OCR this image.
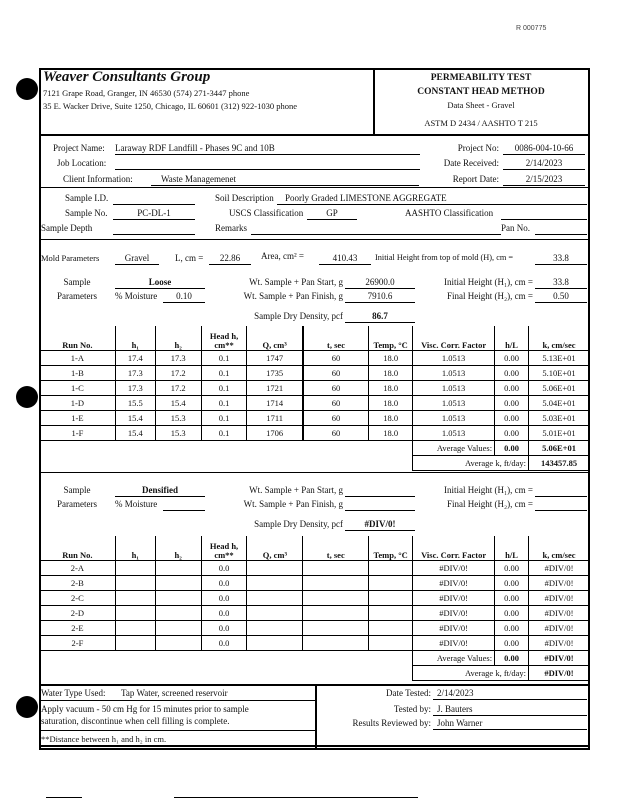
R 000775
Weaver Consultants Group
7121 Grape Road, Granger, IN 46530 (574) 271-3447 phone
35 E. Wacker Drive, Suite 1250, Chicago, IL 60601 (312) 922-1030 phone
PERMEABILITY TEST
CONSTANT HEAD METHOD
Data Sheet - Gravel
ASTM D 2434 / AASHTO T 215
Project Name: Laraway RDF Landfill - Phases 9C and 10B	Project No:	0086-004-10-66
Job Location:	Date Received:	2/14/2023
Client Information:	Waste Managemenet	Report Date:	2/15/2023
Sample I.D.	Soil Description	Poorly Graded LIMESTONE AGGREGATE
Sample No.	PC-DL-1	USCS Classification	GP	AASHTO Classification
Sample Depth	Remarks	Pan No.
Mold Parameters	Gravel	L, cm =	22.86	Area, cm² =	410.43	Initial Height from top of mold (H), cm =	33.8
Sample	Loose
Parameters	% Moisture	0.10
Wt. Sample + Pan Start, g	26900.0
Wt. Sample + Pan Finish, g	7910.6
Initial Height (H₁), cm =	33.8
Final Height (H₂), cm =	0.50
Sample Dry Density, pcf	86.7
Run No.	h₁	h₂	Head h, cm**	Q, cm³	t, sec	Temp, °C	Visc. Corr. Factor	h/L	k, cm/sec
1-A	17.4	17.3	0.1	1747	60	18.0	1.0513	0.00	5.13E+01
1-B	17.3	17.2	0.1	1735	60	18.0	1.0513	0.00	5.10E+01
1-C	17.3	17.2	0.1	1721	60	18.0	1.0513	0.00	5.06E+01
1-D	15.5	15.4	0.1	1714	60	18.0	1.0513	0.00	5.04E+01
1-E	15.4	15.3	0.1	1711	60	18.0	1.0513	0.00	5.03E+01
1-F	15.4	15.3	0.1	1706	60	18.0	1.0513	0.00	5.01E+01
							Average Values:	0.00	5.06E+01
							Average k, ft/day:		143457.85
Sample	Densified
Parameters	% Moisture
Wt. Sample + Pan Start, g
Wt. Sample + Pan Finish, g
Initial Height (H₁), cm =
Final Height (H₂), cm =
Sample Dry Density, pcf	#DIV/0!
Run No.	h₁	h₂	Head h, cm**	Q, cm³	t, sec	Temp, °C	Visc. Corr. Factor	h/L	k, cm/sec
2-A			0.0				#DIV/0!	0.00	#DIV/0!
2-B			0.0				#DIV/0!	0.00	#DIV/0!
2-C			0.0				#DIV/0!	0.00	#DIV/0!
2-D			0.0				#DIV/0!	0.00	#DIV/0!
2-E			0.0				#DIV/0!	0.00	#DIV/0!
2-F			0.0				#DIV/0!	0.00	#DIV/0!
							Average Values:	0.00	#DIV/0!
							Average k, ft/day:		#DIV/0!
Water Type Used: Tap Water, screened reservoir
Apply vacuum - 50 cm Hg for 15 minutes prior to sample
saturation, discontinue when cell filling is complete.
**Distance between h₁ and h₂ in cm.
Date Tested: 2/14/2023
Tested by: J. Bauters
Results Reviewed by: John Warner
